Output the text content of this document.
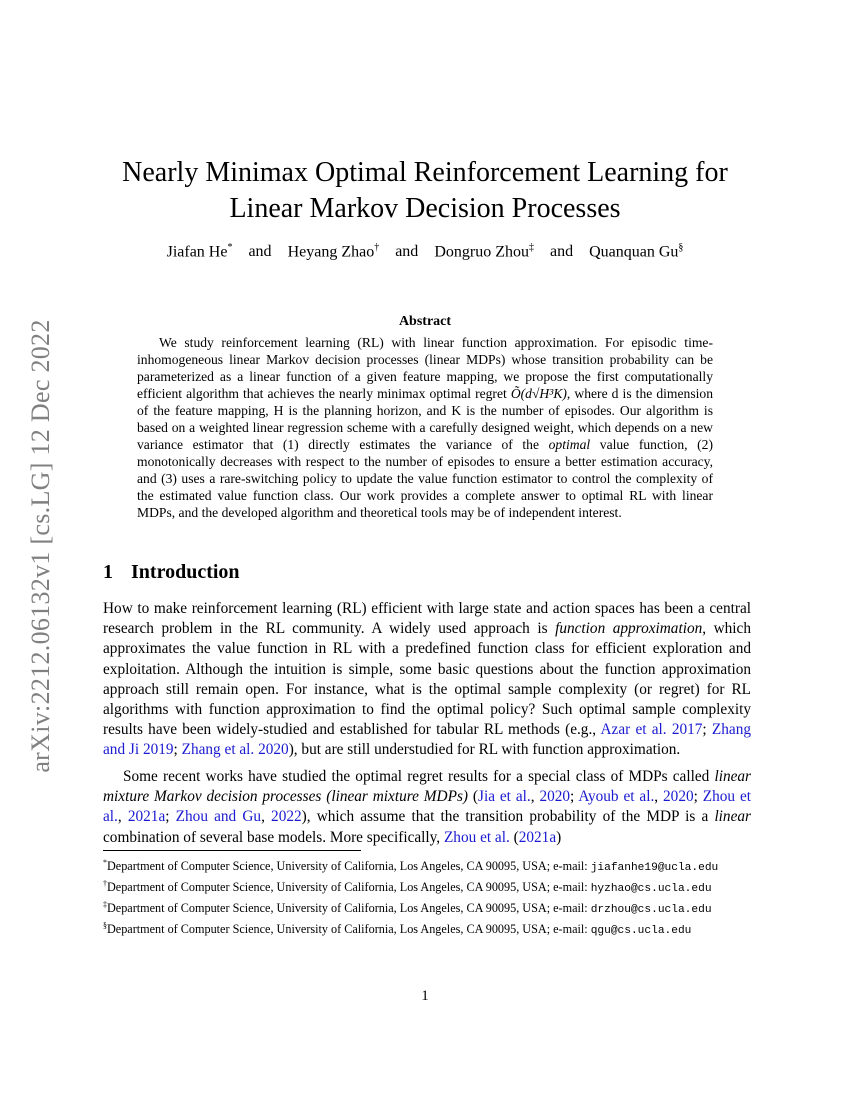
arXiv:2212.06132v1 [cs.LG] 12 Dec 2022
Nearly Minimax Optimal Reinforcement Learning for
Linear Markov Decision Processes
Jiafan He* and Heyang Zhao† and Dongruo Zhou‡ and Quanquan Gu§
Abstract
We study reinforcement learning (RL) with linear function approximation. For episodic time-inhomogeneous linear Markov decision processes (linear MDPs) whose transition probability can be parameterized as a linear function of a given feature mapping, we propose the first computationally efficient algorithm that achieves the nearly minimax optimal regret Õ(d√H³K), where d is the dimension of the feature mapping, H is the planning horizon, and K is the number of episodes. Our algorithm is based on a weighted linear regression scheme with a carefully designed weight, which depends on a new variance estimator that (1) directly estimates the variance of the optimal value function, (2) monotonically decreases with respect to the number of episodes to ensure a better estimation accuracy, and (3) uses a rare-switching policy to update the value function estimator to control the complexity of the estimated value function class. Our work provides a complete answer to optimal RL with linear MDPs, and the developed algorithm and theoretical tools may be of independent interest.
1 Introduction
How to make reinforcement learning (RL) efficient with large state and action spaces has been a central research problem in the RL community. A widely used approach is function approximation, which approximates the value function in RL with a predefined function class for efficient exploration and exploitation. Although the intuition is simple, some basic questions about the function approximation approach still remain open. For instance, what is the optimal sample complexity (or regret) for RL algorithms with function approximation to find the optimal policy? Such optimal sample complexity results have been widely-studied and established for tabular RL methods (e.g., Azar et al. 2017; Zhang and Ji 2019; Zhang et al. 2020), but are still understudied for RL with function approximation.
Some recent works have studied the optimal regret results for a special class of MDPs called linear mixture Markov decision processes (linear mixture MDPs) (Jia et al., 2020; Ayoub et al., 2020; Zhou et al., 2021a; Zhou and Gu, 2022), which assume that the transition probability of the MDP is a linear combination of several base models. More specifically, Zhou et al. (2021a)
*Department of Computer Science, University of California, Los Angeles, CA 90095, USA; e-mail: jiafanhe19@ucla.edu
†Department of Computer Science, University of California, Los Angeles, CA 90095, USA; e-mail: hyzhao@cs.ucla.edu
‡Department of Computer Science, University of California, Los Angeles, CA 90095, USA; e-mail: drzhou@cs.ucla.edu
§Department of Computer Science, University of California, Los Angeles, CA 90095, USA; e-mail: qgu@cs.ucla.edu
1
